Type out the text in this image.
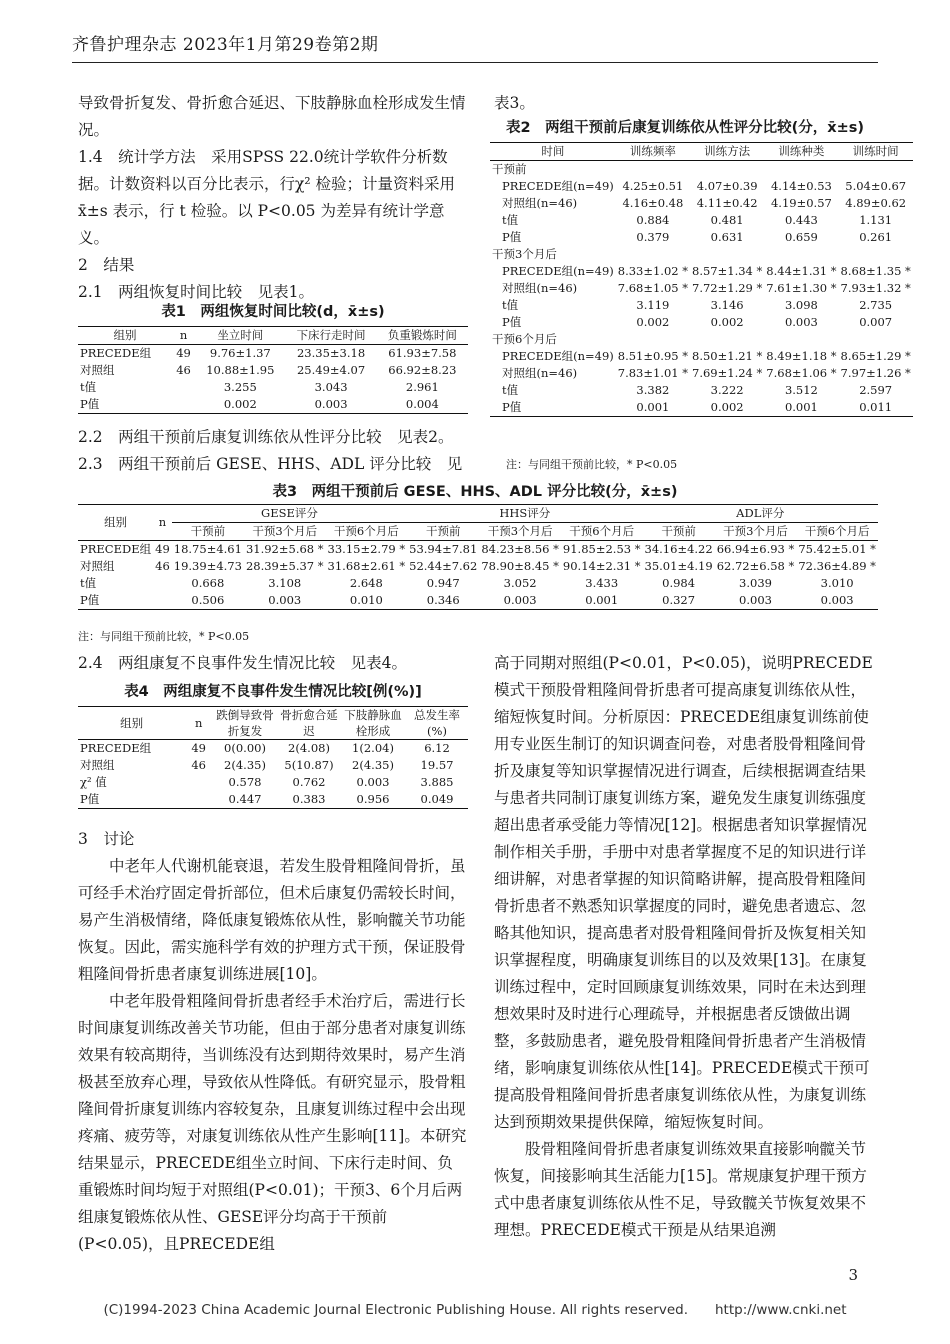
齐鲁护理杂志 2023年1月第29卷第2期

导致骨折复发、骨折愈合延迟、下肢静脉血栓形成发生情况。

1.4　统计学方法　采用SPSS 22.0统计学软件分析数据。计数资料以百分比表示，行χ² 检验；计量资料采用 x̄±s 表示，行 t 检验。以 P<0.05 为差异有统计学意义。

2　结果

2.1　两组恢复时间比较　见表1。

表1　两组恢复时间比较(d，x̄±s)
组别	n	坐立时间	下床行走时间	负重锻炼时间
PRECEDE组	49	9.76±1.37	23.35±3.18	61.93±7.58
对照组	46	10.88±1.95	25.49±4.07	66.92±8.23
t值		3.255	3.043	2.961
P值		0.002	0.003	0.004

2.2　两组干预前后康复训练依从性评分比较　见表2。

2.3　两组干预前后 GESE、HHS、ADL 评分比较　见

表3。
表2　两组干预前后康复训练依从性评分比较(分，x̄±s)
时间	训练频率	训练方法	训练种类	训练时间
干预前				
PRECEDE组(n=49)	4.25±0.51	4.07±0.39	4.14±0.53	5.04±0.67
对照组(n=46)	4.16±0.48	4.11±0.42	4.19±0.57	4.89±0.62
t值	0.884	0.481	0.443	1.131
P值	0.379	0.631	0.659	0.261
干预3个月后				
PRECEDE组(n=49)	8.33±1.02 *	8.57±1.34 *	8.44±1.31 *	8.68±1.35 *
对照组(n=46)	7.68±1.05 *	7.72±1.29 *	7.61±1.30 *	7.93±1.32 *
t值	3.119	3.146	3.098	2.735
P值	0.002	0.002	0.003	0.007
干预6个月后				
PRECEDE组(n=49)	8.51±0.95 *	8.50±1.21 *	8.49±1.18 *	8.65±1.29 *
对照组(n=46)	7.83±1.01 *	7.69±1.24 *	7.68±1.06 *	7.97±1.26 *
t值	3.382	3.222	3.512	2.597
P值	0.001	0.002	0.001	0.011
注：与同组干预前比较，* P<0.05
表3　两组干预前后 GESE、HHS、ADL 评分比较(分，x̄±s)
组别	n	GESE评分			HHS评分			ADL评分		
		干预前	干预3个月后	干预6个月后	干预前	干预3个月后	干预6个月后	干预前	干预3个月后	干预6个月后
PRECEDE组	49	18.75±4.61	31.92±5.68 *	33.15±2.79 *	53.94±7.81	84.23±8.56 *	91.85±2.53 *	34.16±4.22	66.94±6.93 *	75.42±5.01 *
对照组	46	19.39±4.73	28.39±5.37 *	31.68±2.61 *	52.44±7.62	78.90±8.45 *	90.14±2.31 *	35.01±4.19	62.72±6.58 *	72.36±4.89 *
t值		0.668	3.108	2.648	0.947	3.052	3.433	0.984	3.039	3.010
P值		0.506	0.003	0.010	0.346	0.003	0.001	0.327	0.003	0.003
注：与同组干预前比较，* P<0.05
2.4　两组康复不良事件发生情况比较　见表4。
表4　两组康复不良事件发生情况比较[例(%)]
组别	n	跌倒导致骨折复发	骨折愈合延迟	下肢静脉血栓形成	总发生率(%)
PRECEDE组	49	0(0.00)	2(4.08)	1(2.04)	6.12
对照组	46	2(4.35)	5(10.87)	2(4.35)	19.57
χ² 值		0.578	0.762	0.003	3.885
P值		0.447	0.383	0.956	0.049

3　讨论

中老年人代谢机能衰退，若发生股骨粗隆间骨折，虽可经手术治疗固定骨折部位，但术后康复仍需较长时间，易产生消极情绪，降低康复锻炼依从性，影响髋关节功能恢复。因此，需实施科学有效的护理方式干预，保证股骨粗隆间骨折患者康复训练进展[10]。

中老年股骨粗隆间骨折患者经手术治疗后，需进行长时间康复训练改善关节功能，但由于部分患者对康复训练效果有较高期待，当训练没有达到期待效果时，易产生消极甚至放弃心理，导致依从性降低。有研究显示，股骨粗隆间骨折康复训练内容较复杂，且康复训练过程中会出现疼痛、疲劳等，对康复训练依从性产生影响[11]。本研究结果显示，PRECEDE组坐立时间、下床行走时间、负重锻炼时间均短于对照组(P<0.01)；干预3、6个月后两组康复锻炼依从性、GESE评分均高于干预前(P<0.05)，且PRECEDE组

高于同期对照组(P<0.01，P<0.05)，说明PRECEDE模式干预股骨粗隆间骨折患者可提高康复训练依从性，缩短恢复时间。分析原因：PRECEDE组康复训练前使用专业医生制订的知识调查问卷，对患者股骨粗隆间骨折及康复等知识掌握情况进行调查，后续根据调查结果与患者共同制订康复训练方案，避免发生康复训练强度超出患者承受能力等情况[12]。根据患者知识掌握情况制作相关手册，手册中对患者掌握度不足的知识进行详细讲解，对患者掌握的知识简略讲解，提高股骨粗隆间骨折患者不熟悉知识掌握度的同时，避免患者遗忘、忽略其他知识，提高患者对股骨粗隆间骨折及恢复相关知识掌握程度，明确康复训练目的以及效果[13]。在康复训练过程中，定时回顾康复训练效果，同时在未达到理想效果时及时进行心理疏导，并根据患者反馈做出调整，多鼓励患者，避免股骨粗隆间骨折患者产生消极情绪，影响康复训练依从性[14]。PRECEDE模式干预可提高股骨粗隆间骨折患者康复训练依从性，为康复训练达到预期效果提供保障，缩短恢复时间。

股骨粗隆间骨折患者康复训练效果直接影响髋关节恢复，间接影响其生活能力[15]。常规康复护理干预方式中患者康复训练依从性不足，导致髋关节恢复效果不理想。PRECEDE模式干预是从结果追溯

3
(C)1994-2023 China Academic Journal Electronic Publishing House. All rights reserved.　　http://www.cnki.net
